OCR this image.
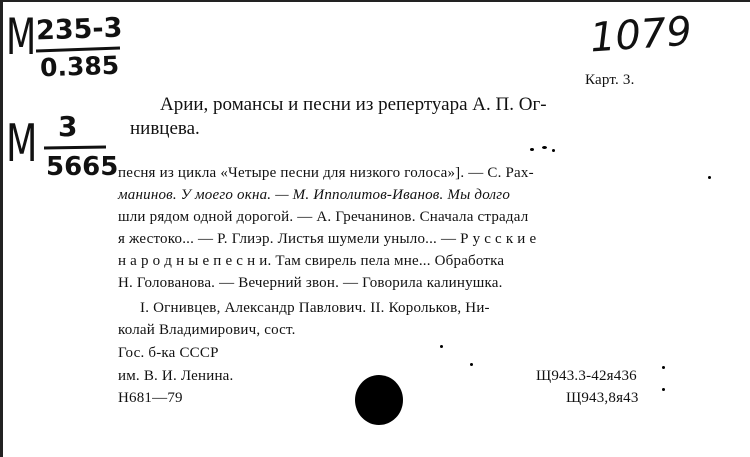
М 235-3
0.385
М 3
5665
1079
Карт. 3.
Арии, романсы и песни из репертуара А. П. Ог-
нивцева.
песня из цикла «Четыре песни для низкого голоса»]. — С. Рах-
манинов. У моего окна. — М. Ипполитов-Иванов. Мы долго
шли рядом одной дорогой. — А. Гречанинов. Сначала страдал
я жестоко... — Р. Глиэр. Листья шумели уныло... — Р у с с к и е
н а р о д н ы е п е с н и. Там свирель пела мне... Обработка
Н. Голованова. — Вечерний звон. — Говорила калинушка.
I. Огнивцев, Александр Павлович. II. Корольков, Ни-
колай Владимирович, сост.
Гос. б-ка СССР
им. В. И. Ленина.
Н681—79
Щ943.3-42я436
Щ943,8я43
